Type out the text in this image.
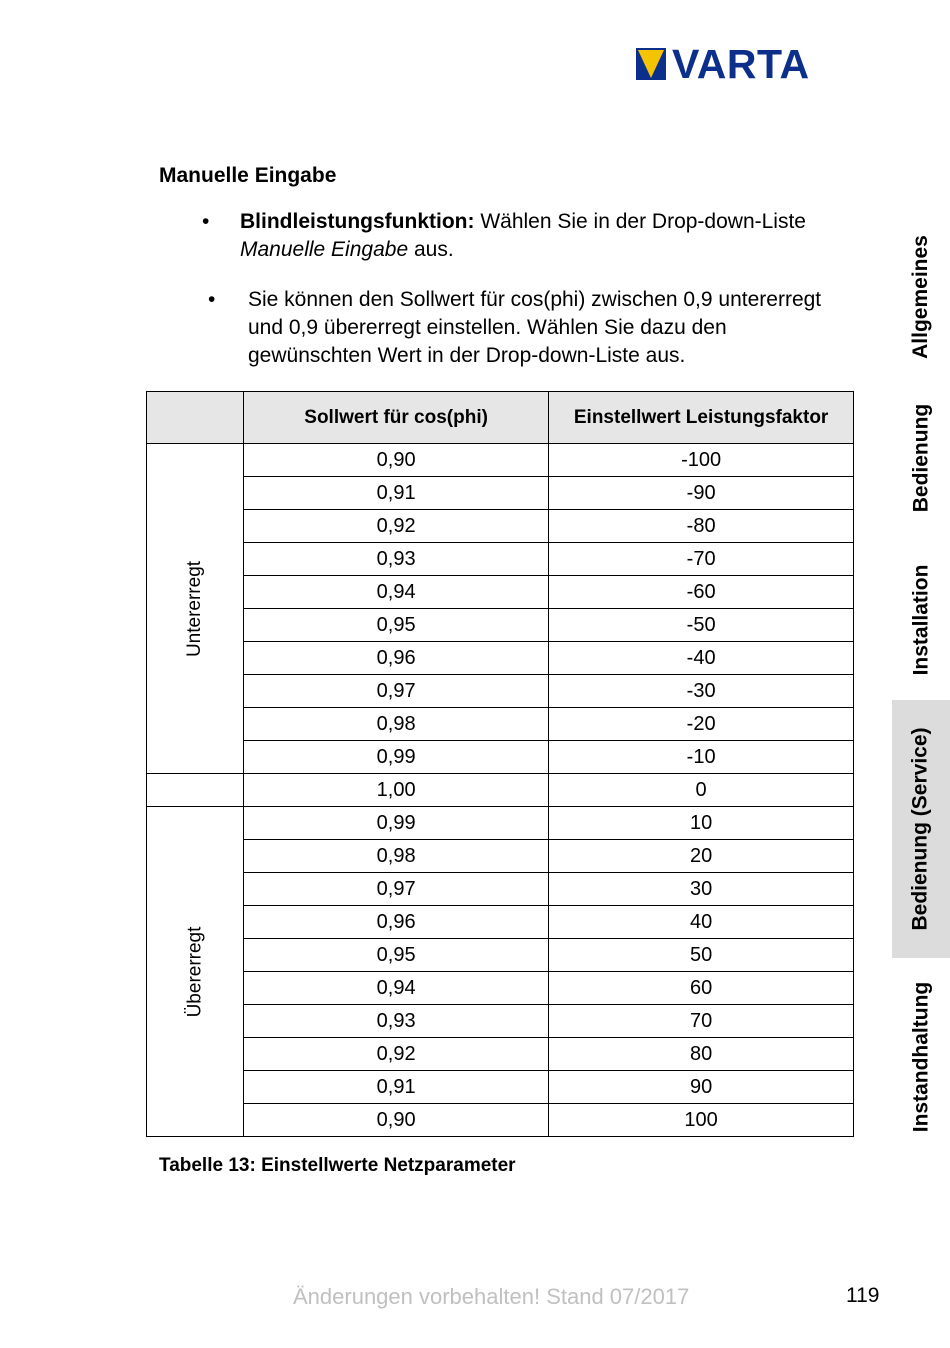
VARTA
Manuelle Eingabe
• Blindleistungsfunktion: Wählen Sie in der Drop-down-Liste Manuelle Eingabe aus.
• Sie können den Sollwert für cos(phi) zwischen 0,9 untererregt und 0,9 übererregt einstellen. Wählen Sie dazu den gewünschten Wert in der Drop-down-Liste aus.
	Sollwert für cos(phi)	Einstellwert Leistungsfaktor
Untererregt	0,90	-100
	0,91	-90
	0,92	-80
	0,93	-70
	0,94	-60
	0,95	-50
	0,96	-40
	0,97	-30
	0,98	-20
	0,99	-10
	1,00	0
Übererregt	0,99	10
	0,98	20
	0,97	30
	0,96	40
	0,95	50
	0,94	60
	0,93	70
	0,92	80
	0,91	90
	0,90	100
Tabelle 13: Einstellwerte Netzparameter
Änderungen vorbehalten! Stand 07/2017	119
Allgemeines
Bedienung
Installation
Bedienung (Service)
Instandhaltung
